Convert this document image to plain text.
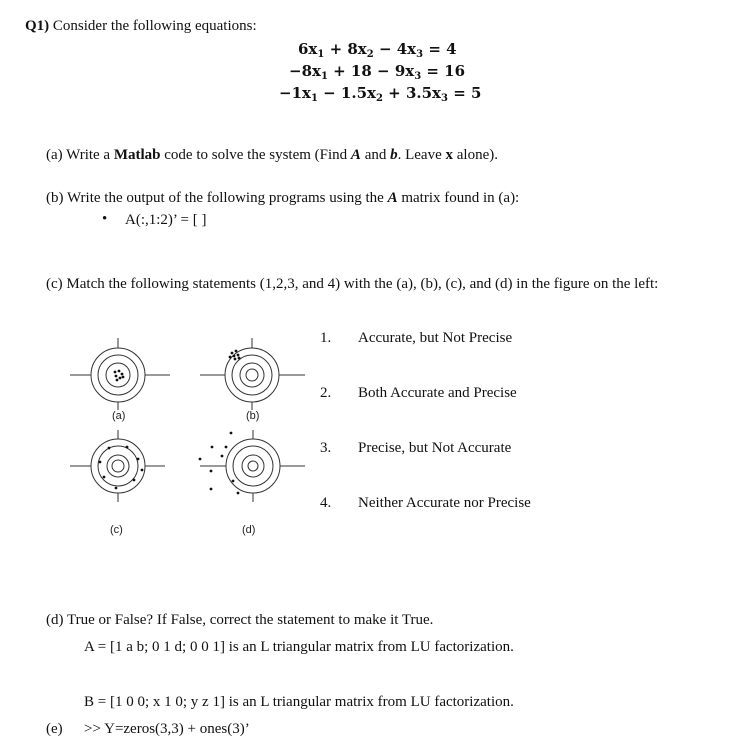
Q1) Consider the following equations:
$6x_1 + 8x_2 - 4x_3 = 4$
$-8x_1 + 18 - 9x_3 = 16$
$-1x_1 - 1.5x_2 + 3.5x_3 = 5$
(a) Write a Matlab code to solve the system (Find A and b. Leave x alone).
(b) Write the output of the following programs using the A matrix found in (a):
• A(:,1:2)’ = [ ]
(c) Match the following statements (1,2,3, and 4) with the (a), (b), (c), and (d) in the figure on the left:
(a)	(b)
(c)	(d)
1. Accurate, but Not Precise
2. Both Accurate and Precise
3. Precise, but Not Accurate
4. Neither Accurate nor Precise
(d) True or False? If False, correct the statement to make it True.
A = [1 a b; 0 1 d; 0 0 1] is an L triangular matrix from LU factorization.
B = [1 0 0; x 1 0; y z 1] is an L triangular matrix from LU factorization.
(e) >> Y=zeros(3,3) + ones(3)’
